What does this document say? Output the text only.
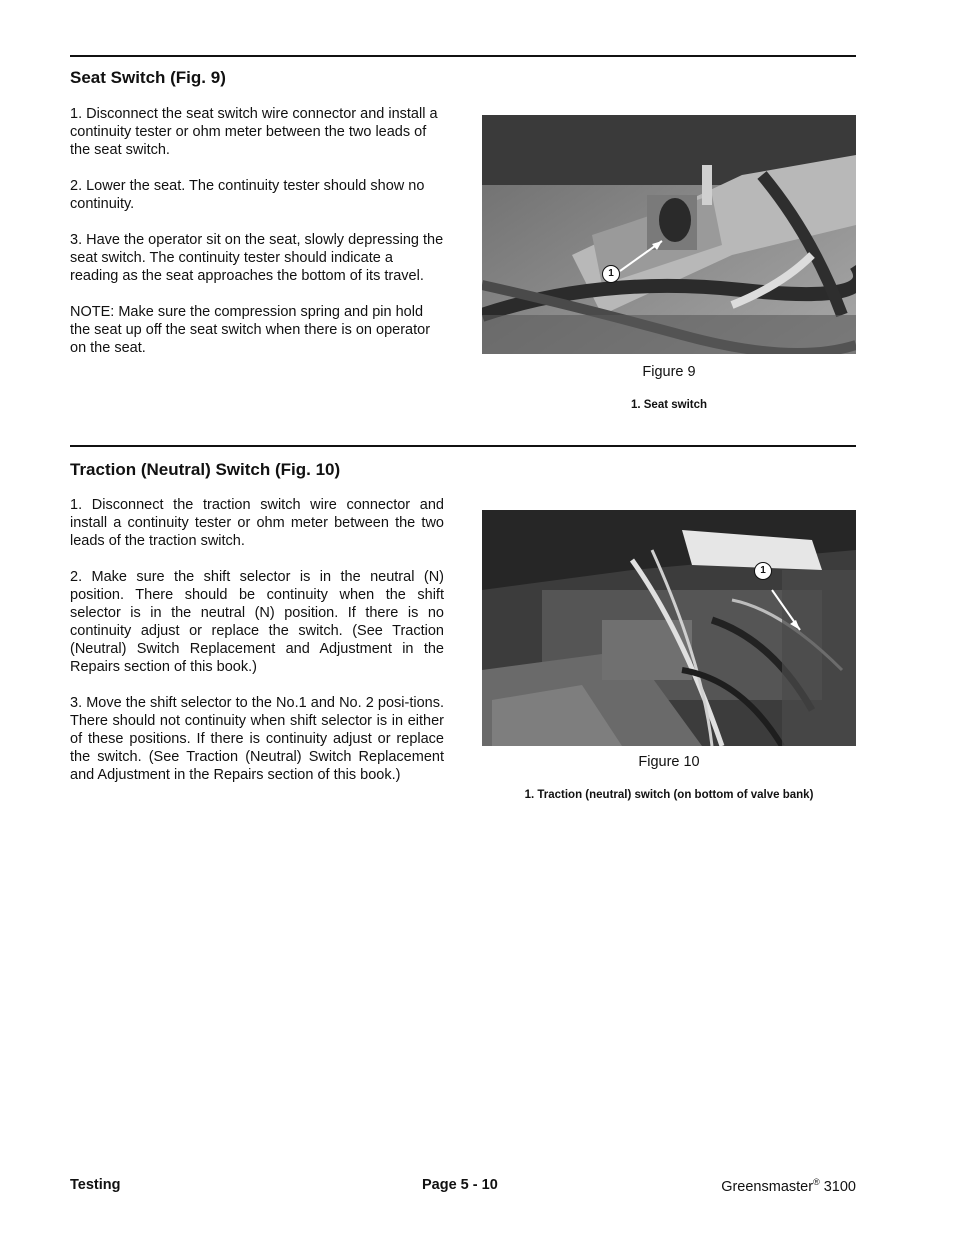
Seat Switch (Fig. 9)

1. Disconnect the seat switch wire connector and install a continuity tester or ohm meter between the two leads of the seat switch.

2. Lower the seat. The continuity tester should show no continuity.

3. Have the operator sit on the seat, slowly depressing the seat switch. The continuity tester should indicate a reading as the seat approaches the bottom of its travel.

NOTE: Make sure the compression spring and pin hold the seat up off the seat switch when there is on operator on the seat.

1
Figure 9
1. Seat switch
Traction (Neutral) Switch (Fig. 10)

1. Disconnect the traction switch wire connector and install a continuity tester or ohm meter between the two leads of the traction switch.

2. Make sure the shift selector is in the neutral (N) position. There should be continuity when the shift selector is in the neutral (N) position. If there is no continuity adjust or replace the switch. (See Traction (Neutral) Switch Replacement and Adjustment in the Repairs section of this book.)

3. Move the shift selector to the No.1 and No. 2 posi-tions. There should not continuity when shift selector is in either of these positions. If there is continuity adjust or replace the switch. (See Traction (Neutral) Switch Replacement and Adjustment in the Repairs section of this book.)

1
Figure 10
1. Traction (neutral) switch (on bottom of valve bank)
Testing	Page 5 - 10	Greensmaster® 3100
